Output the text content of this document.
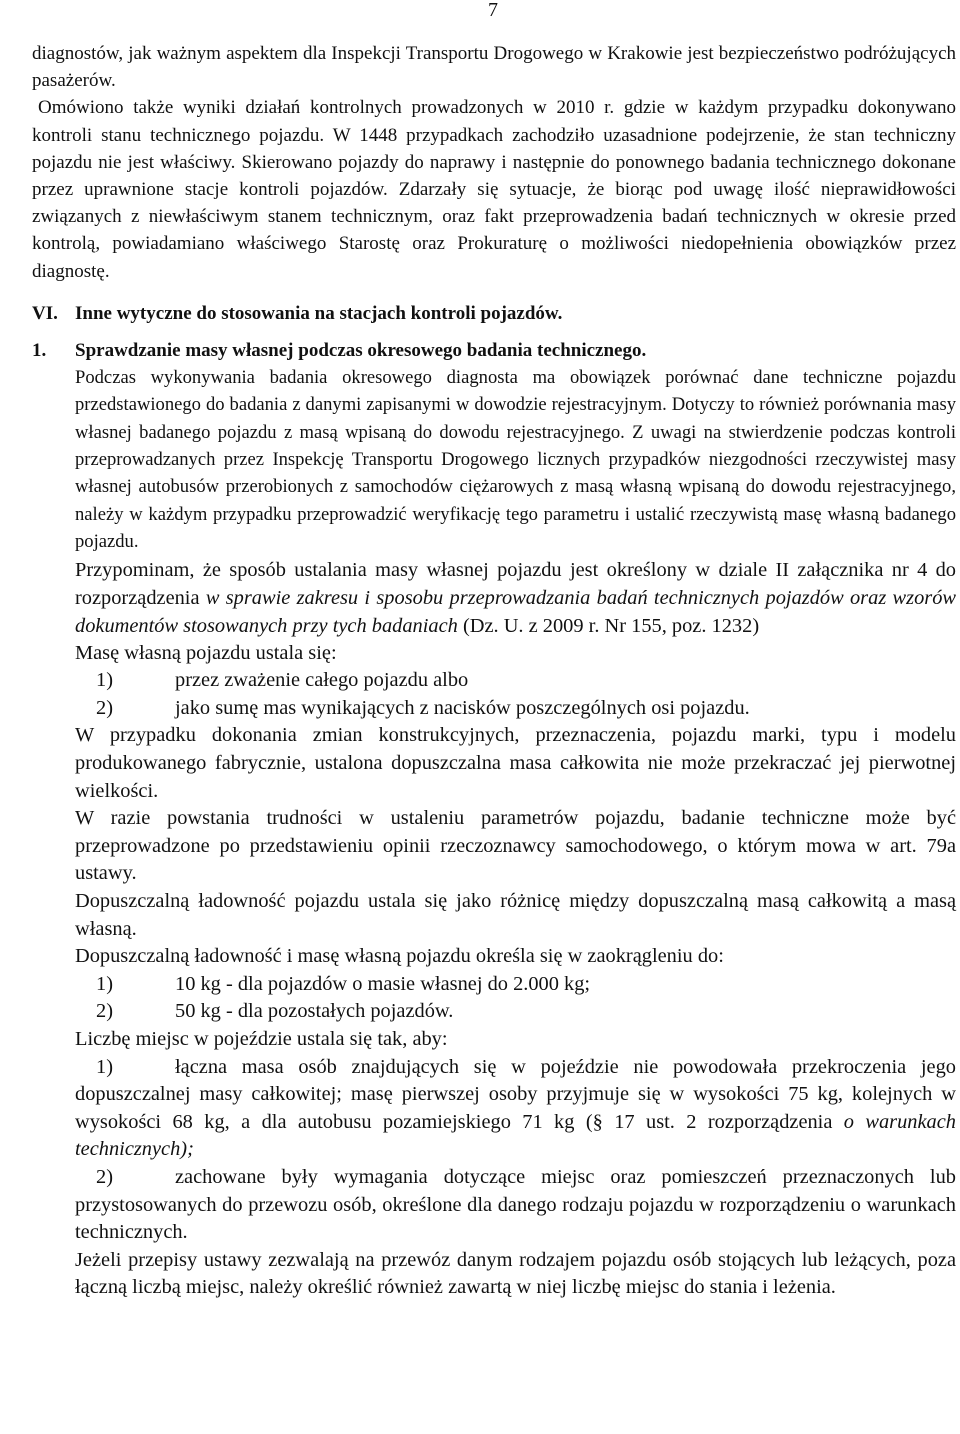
7

diagnostów, jak ważnym aspektem dla Inspekcji Transportu Drogowego w Krakowie jest bezpieczeństwo podróżujących pasażerów.

Omówiono także wyniki działań kontrolnych prowadzonych w 2010 r. gdzie w każdym przypadku dokonywano kontroli stanu technicznego pojazdu. W 1448 przypadkach zachodziło uzasadnione podejrzenie, że stan techniczny pojazdu nie jest właściwy. Skierowano pojazdy do naprawy i następnie do ponownego badania technicznego dokonane przez uprawnione stacje kontroli pojazdów. Zdarzały się sytuacje, że biorąc pod uwagę ilość nieprawidłowości związanych z niewłaściwym stanem technicznym, oraz fakt przeprowadzenia badań technicznych w okresie przed kontrolą, powiadamiano właściwego Starostę oraz Prokuraturę o możliwości niedopełnienia obowiązków przez diagnostę.

VI. Inne wytyczne do stosowania na stacjach kontroli pojazdów.
1.	Sprawdzanie masy własnej podczas okresowego badania technicznego.

Podczas wykonywania badania okresowego diagnosta ma obowiązek porównać dane techniczne pojazdu przedstawionego do badania z danymi zapisanymi w dowodzie rejestracyjnym. Dotyczy to również porównania masy własnej badanego pojazdu z masą wpisaną do dowodu rejestracyjnego. Z uwagi na stwierdzenie podczas kontroli przeprowadzanych przez Inspekcję Transportu Drogowego licznych przypadków niezgodności rzeczywistej masy własnej autobusów przerobionych z samochodów ciężarowych z masą własną wpisaną do dowodu rejestracyjnego, należy w każdym przypadku przeprowadzić weryfikację tego parametru i ustalić rzeczywistą masę własną badanego pojazdu.

Przypominam, że sposób ustalania masy własnej pojazdu jest określony w dziale II załącznika nr 4 do rozporządzenia w sprawie zakresu i sposobu przeprowadzania badań technicznych pojazdów oraz wzorów dokumentów stosowanych przy tych badaniach (Dz. U. z 2009 r. Nr 155, poz. 1232)

Masę własną pojazdu ustala się:

1)	przez zważenie całego pojazdu albo
2)	jako sumę mas wynikających z nacisków poszczególnych osi pojazdu.

W przypadku dokonania zmian konstrukcyjnych, przeznaczenia, pojazdu marki, typu i modelu produkowanego fabrycznie, ustalona dopuszczalna masa całkowita nie może przekraczać jej pierwotnej wielkości.

W razie powstania trudności w ustaleniu parametrów pojazdu, badanie techniczne może być przeprowadzone po przedstawieniu opinii rzeczoznawcy samochodowego, o którym mowa w art. 79a ustawy.

Dopuszczalną ładowność pojazdu ustala się jako różnicę między dopuszczalną masą całkowitą a masą własną.

Dopuszczalną ładowność i masę własną pojazdu określa się w zaokrągleniu do:

1)	10 kg - dla pojazdów o masie własnej do 2.000 kg;
2)	50 kg - dla pozostałych pojazdów.

Liczbę miejsc w pojeździe ustala się tak, aby:

1)	łączna masa osób znajdujących się w pojeździe nie powodowała przekroczenia jego dopuszczalnej masy całkowitej; masę pierwszej osoby przyjmuje się w wysokości 75 kg, kolejnych w wysokości 68 kg, a dla autobusu pozamiejskiego 71 kg (§ 17 ust. 2 rozporządzenia o warunkach technicznych);

2)	zachowane były wymagania dotyczące miejsc oraz pomieszczeń przeznaczonych lub przystosowanych do przewozu osób, określone dla danego rodzaju pojazdu w rozporządzeniu o warunkach technicznych.

Jeżeli przepisy ustawy zezwalają na przewóz danym rodzajem pojazdu osób stojących lub leżących, poza łączną liczbą miejsc, należy określić również zawartą w niej liczbę miejsc do stania i leżenia.
